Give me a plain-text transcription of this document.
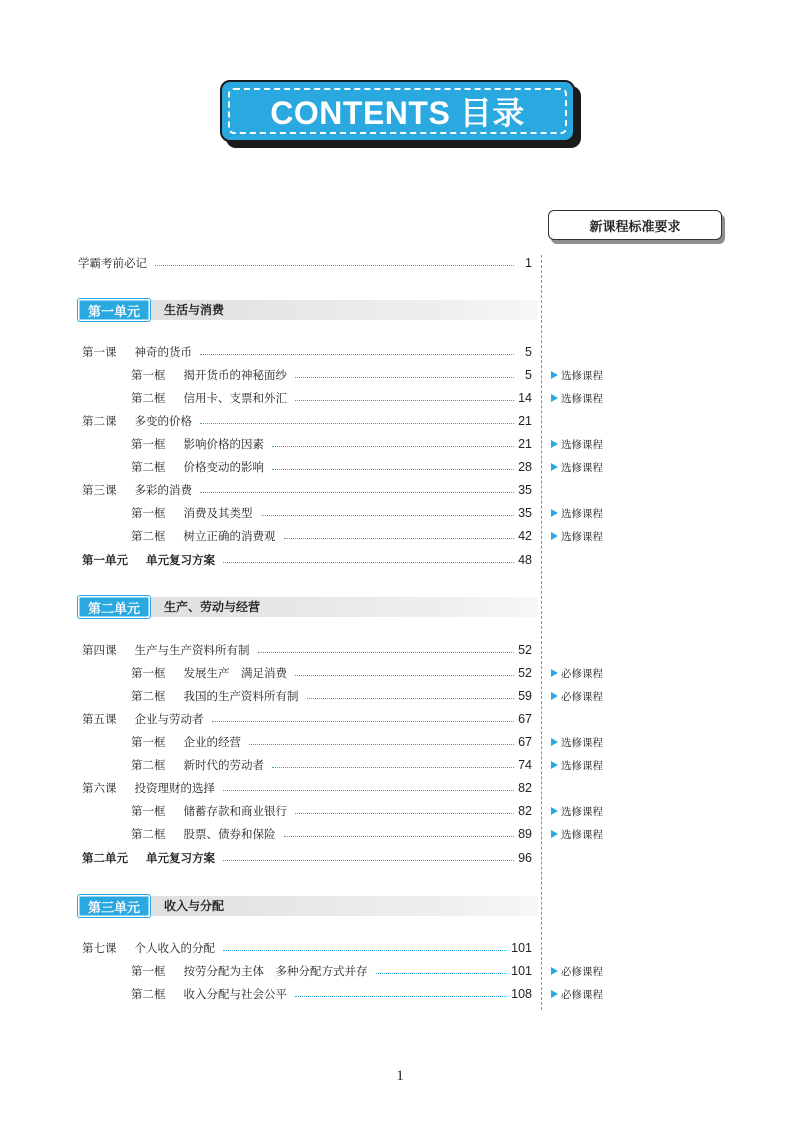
CONTENTS 目录
新课程标准要求
学霸考前必记	1
第一单元	生活与消费
第一课	神奇的货币	5
第一框	揭开货币的神秘面纱	5	选修课程
第二框	信用卡、支票和外汇	14	选修课程
第二课	多变的价格	21
第一框	影响价格的因素	21	选修课程
第二框	价格变动的影响	28	选修课程
第三课	多彩的消费	35
第一框	消费及其类型	35	选修课程
第二框	树立正确的消费观	42	选修课程
第一单元	单元复习方案	48
第二单元	生产、劳动与经营
第四课	生产与生产资料所有制	52
第一框	发展生产　满足消费	52	必修课程
第二框	我国的生产资料所有制	59	必修课程
第五课	企业与劳动者	67
第一框	企业的经营	67	选修课程
第二框	新时代的劳动者	74	选修课程
第六课	投资理财的选择	82
第一框	储蓄存款和商业银行	82	选修课程
第二框	股票、债券和保险	89	选修课程
第二单元	单元复习方案	96
第三单元	收入与分配
第七课	个人收入的分配	101
第一框	按劳分配为主体　多种分配方式并存	101	必修课程
第二框	收入分配与社会公平	108	必修课程
1
